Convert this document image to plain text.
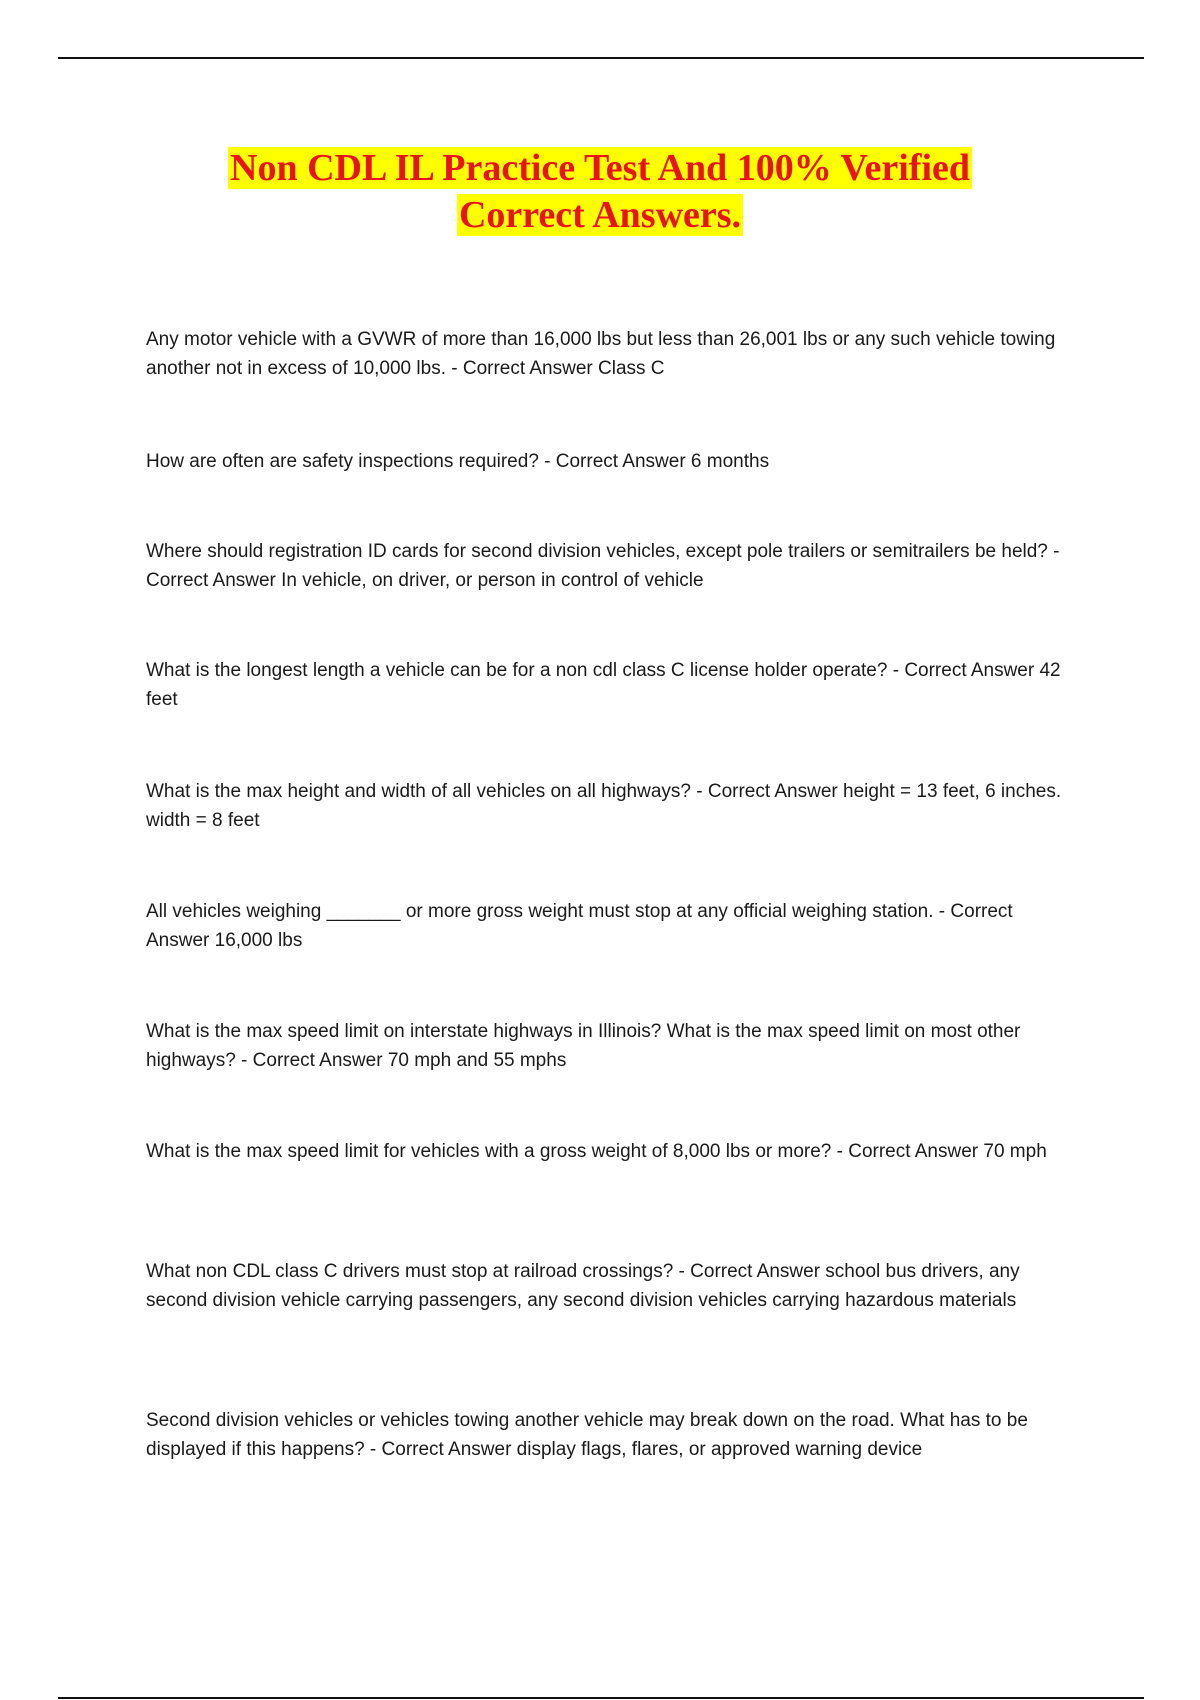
Non CDL IL Practice Test And 100% Verified
Correct Answers.

Any motor vehicle with a GVWR of more than 16,000 lbs but less than 26,001 lbs or any such vehicle towing another not in excess of 10,000 lbs. - Correct Answer Class C

How are often are safety inspections required? - Correct Answer 6 months

Where should registration ID cards for second division vehicles, except pole trailers or semitrailers be held? - Correct Answer In vehicle, on driver, or person in control of vehicle

What is the longest length a vehicle can be for a non cdl class C license holder operate? - Correct Answer 42 feet

What is the max height and width of all vehicles on all highways? - Correct Answer height = 13 feet, 6 inches. width = 8 feet

All vehicles weighing _______ or more gross weight must stop at any official weighing station. - Correct Answer 16,000 lbs

What is the max speed limit on interstate highways in Illinois? What is the max speed limit on most other highways? - Correct Answer 70 mph and 55 mphs

What is the max speed limit for vehicles with a gross weight of 8,000 lbs or more? - Correct Answer 70 mph

What non CDL class C drivers must stop at railroad crossings? - Correct Answer school bus drivers, any second division vehicle carrying passengers, any second division vehicles carrying hazardous materials

Second division vehicles or vehicles towing another vehicle may break down on the road. What has to be displayed if this happens? - Correct Answer display flags, flares, or approved warning device
